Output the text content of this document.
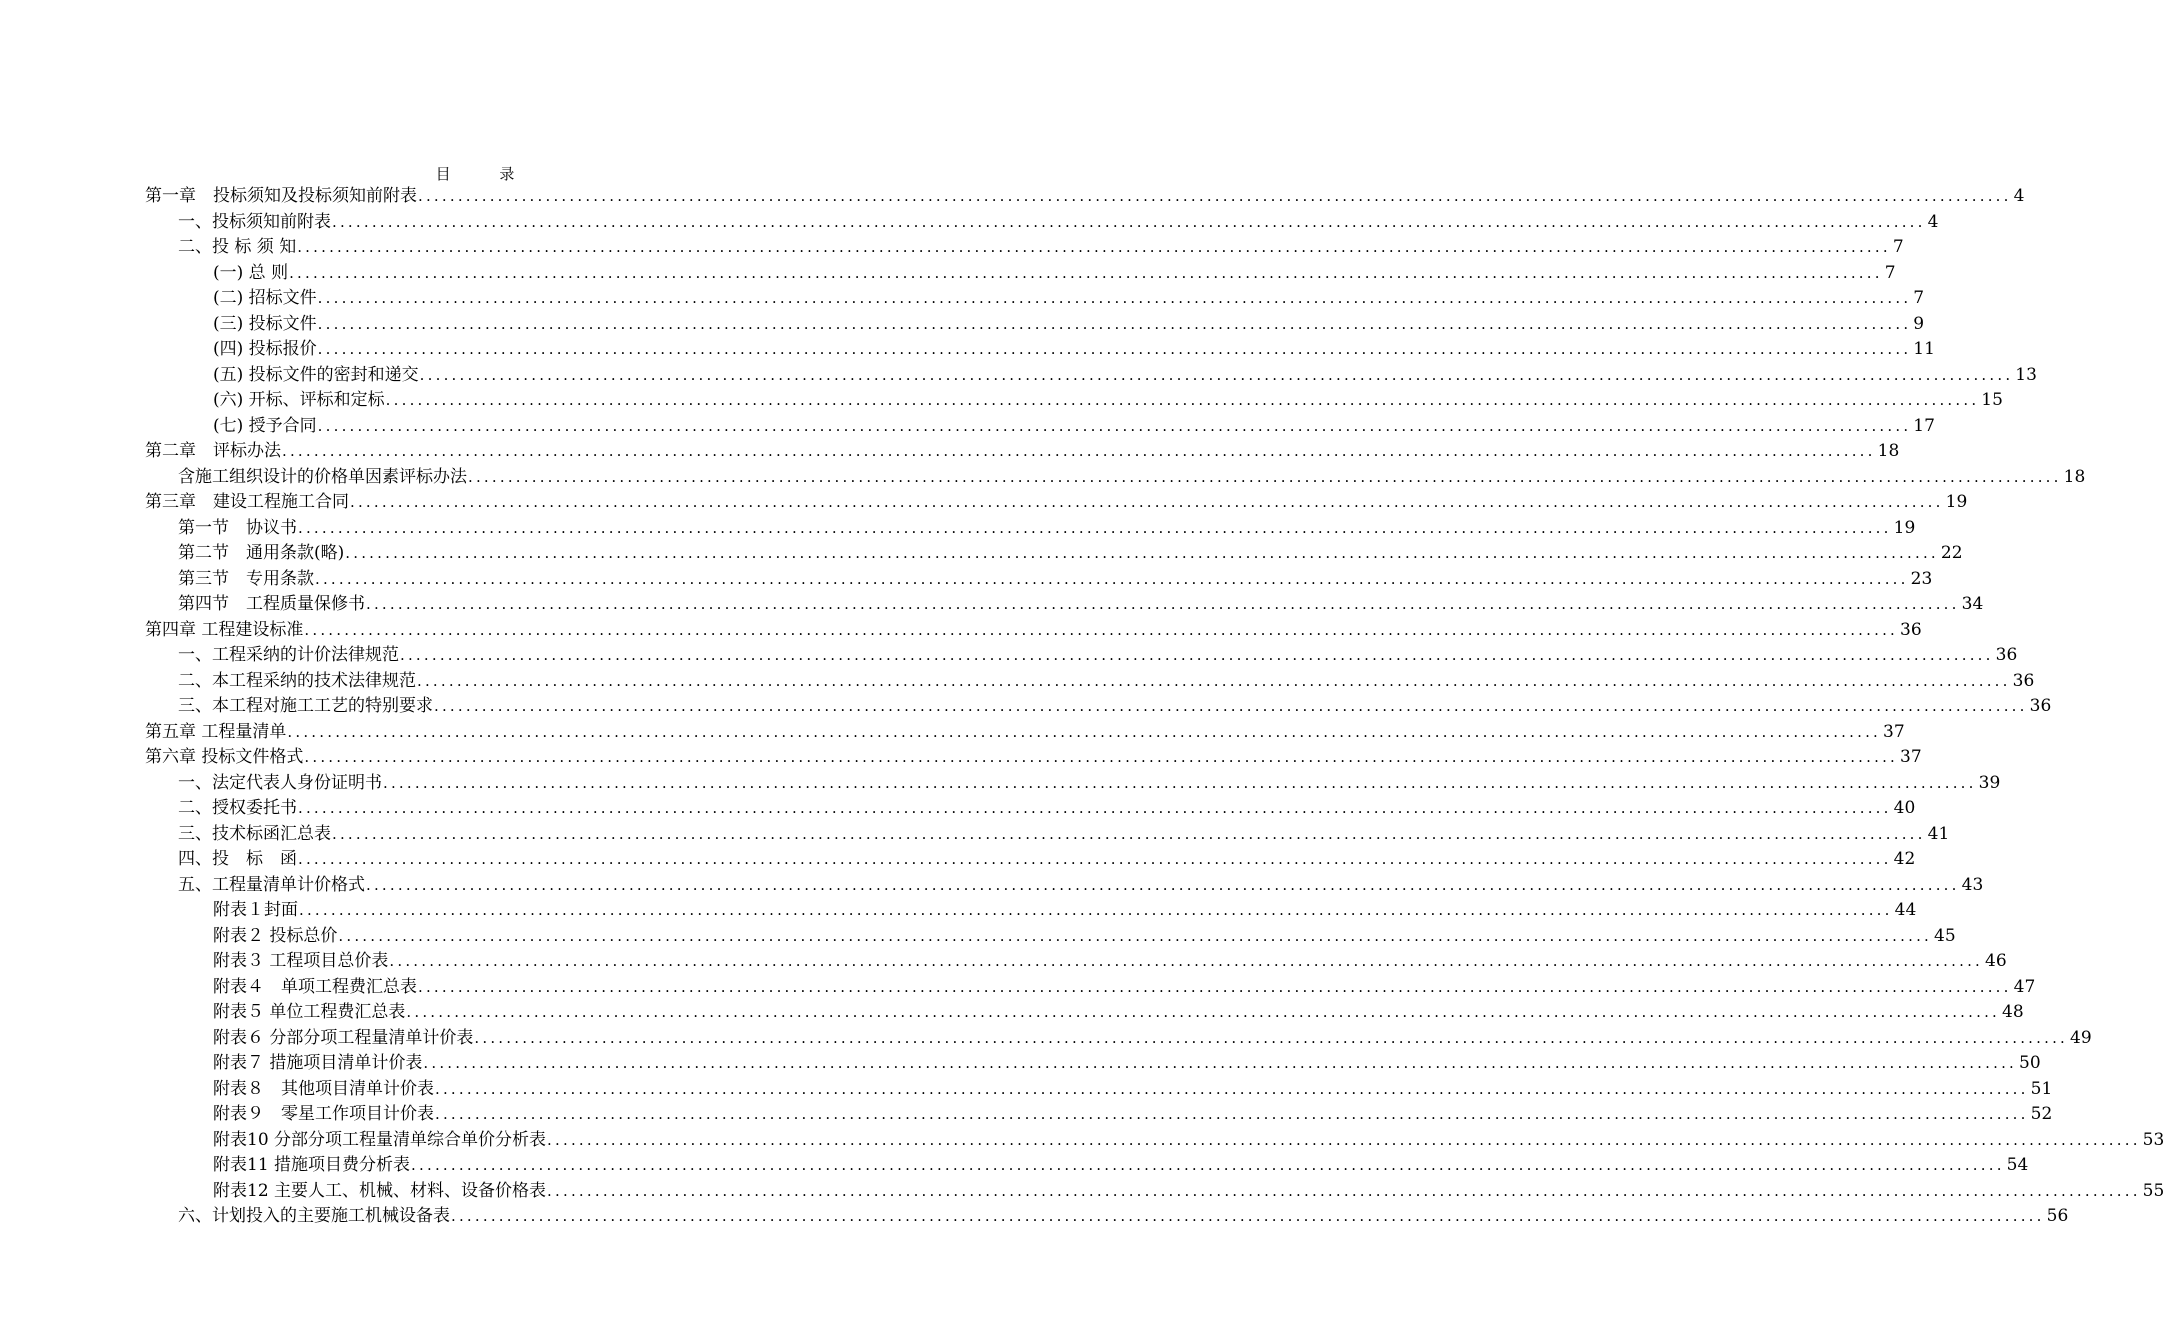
目 录
第一章　投标须知及投标须知前附表 ........................................................................................................................................................................................................ 4
一、投标须知前附表 ........................................................................................................................................................................................................ 4
二、投 标 须 知 ........................................................................................................................................................................................................ 7
(一) 总 则 ........................................................................................................................................................................................................ 7
(二) 招标文件 ........................................................................................................................................................................................................ 7
(三) 投标文件 ........................................................................................................................................................................................................ 9
(四) 投标报价 ........................................................................................................................................................................................................ 11
(五) 投标文件的密封和递交 ........................................................................................................................................................................................................ 13
(六) 开标、评标和定标 ........................................................................................................................................................................................................ 15
(七) 授予合同 ........................................................................................................................................................................................................ 17
第二章　评标办法 ........................................................................................................................................................................................................ 18
含施工组织设计的价格单因素评标办法 ........................................................................................................................................................................................................ 18
第三章　建设工程施工合同 ........................................................................................................................................................................................................ 19
第一节　协议书 ........................................................................................................................................................................................................ 19
第二节　通用条款(略) ........................................................................................................................................................................................................ 22
第三节　专用条款 ........................................................................................................................................................................................................ 23
第四节　工程质量保修书 ........................................................................................................................................................................................................ 34
第四章 工程建设标准 ........................................................................................................................................................................................................ 36
一、工程采纳的计价法律规范 ........................................................................................................................................................................................................ 36
二、本工程采纳的技术法律规范 ........................................................................................................................................................................................................ 36
三、本工程对施工工艺的特别要求 ........................................................................................................................................................................................................ 36
第五章 工程量清单 ........................................................................................................................................................................................................ 37
第六章 投标文件格式 ........................................................................................................................................................................................................ 37
一、法定代表人身份证明书 ........................................................................................................................................................................................................ 39
二、授权委托书 ........................................................................................................................................................................................................ 40
三、技术标函汇总表 ........................................................................................................................................................................................................ 41
四、投　标　函 ........................................................................................................................................................................................................ 42
五、工程量清单计价格式 ........................................................................................................................................................................................................ 43
附表１封面 ........................................................................................................................................................................................................ 44
附表２ 投标总价 ........................................................................................................................................................................................................ 45
附表３ 工程项目总价表 ........................................................................................................................................................................................................ 46
附表４　单项工程费汇总表 ........................................................................................................................................................................................................ 47
附表５ 单位工程费汇总表 ........................................................................................................................................................................................................ 48
附表６ 分部分项工程量清单计价表 ........................................................................................................................................................................................................ 49
附表７ 措施项目清单计价表 ........................................................................................................................................................................................................ 50
附表８　其他项目清单计价表 ........................................................................................................................................................................................................ 51
附表９　零星工作项目计价表 ........................................................................................................................................................................................................ 52
附表10 分部分项工程量清单综合单价分析表 ........................................................................................................................................................................................................ 53
附表11 措施项目费分析表 ........................................................................................................................................................................................................ 54
附表12 主要人工、机械、材料、设备价格表 ........................................................................................................................................................................................................ 55
六、计划投入的主要施工机械设备表 ........................................................................................................................................................................................................ 56
